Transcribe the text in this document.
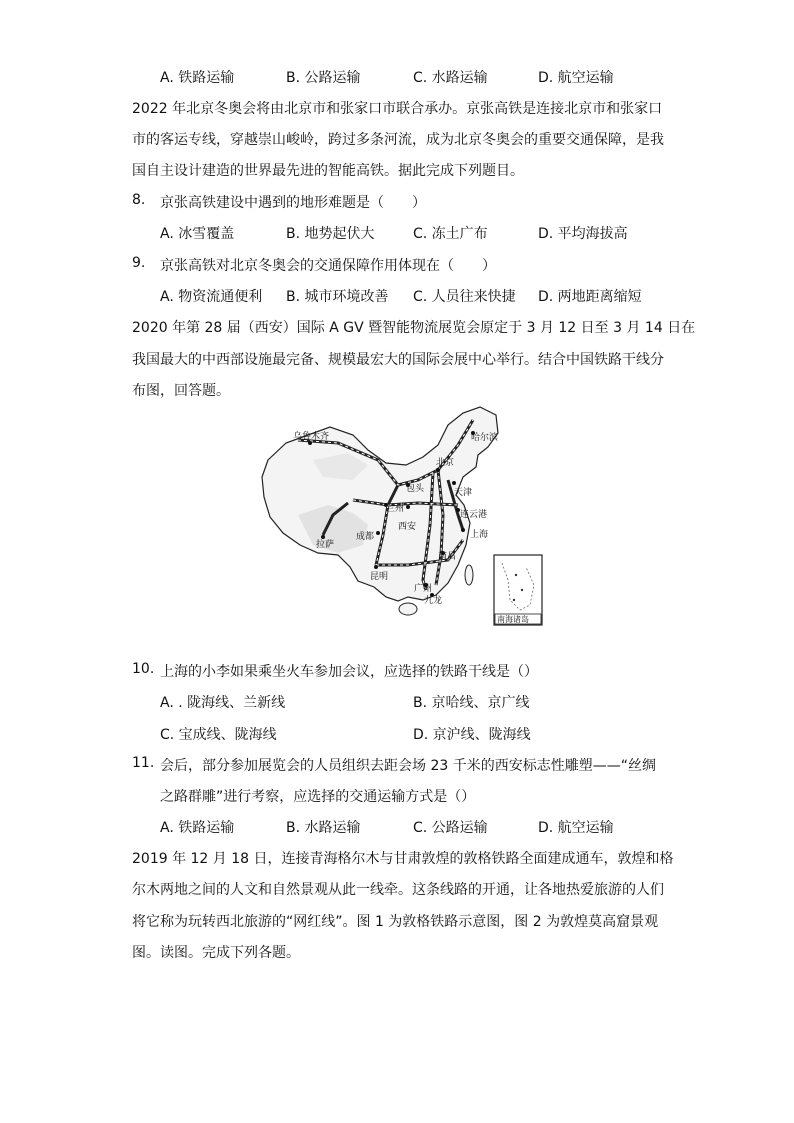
A. 铁路运输	B. 公路运输	C. 水路运输	D. 航空运输
2022 年北京冬奥会将由北京市和张家口市联合承办。京张高铁是连接北京市和张家口
市的客运专线，穿越崇山峻岭，跨过多条河流，成为北京冬奥会的重要交通保障，是我
国自主设计建造的世界最先进的智能高铁。据此完成下列题目。
8. 京张高铁建设中遇到的地形难题是（　　）
A. 冰雪覆盖	B. 地势起伏大	C. 冻土广布	D. 平均海拔高
9. 京张高铁对北京冬奥会的交通保障作用体现在（　　）
A. 物资流通便利 B. 城市环境改善 C. 人员往来快捷 D. 两地距离缩短
2020 年第 28 届（西安）国际 A GV 暨智能物流展览会原定于 3 月 12 日至 3 月 14 日在
我国最大的中西部设施最完备、规模最宏大的国际会展中心举行。结合中国铁路干线分
布图，回答题。
哈尔滨
乌鲁木齐
北京
天津
包头
兰州
连云港
西安
上海
拉萨
成都
南昌
昆明
广州
九龙
南海诸岛
10. 上海的小李如果乘坐火车参加会议，应选择的铁路干线是（）
A. . 陇海线、兰新线	B. 京哈线、京广线
C. 宝成线、陇海线	D. 京沪线、陇海线
11. 会后，部分参加展览会的人员组织去距会场 23 千米的西安标志性雕塑——“丝绸
之路群雕”进行考察，应选择的交通运输方式是（）
A. 铁路运输	B. 水路运输	C. 公路运输	D. 航空运输
2019 年 12 月 18 日，连接青海格尔木与甘肃敦煌的敦格铁路全面建成通车，敦煌和格
尔木两地之间的人文和自然景观从此一线牵。这条线路的开通，让各地热爱旅游的人们
将它称为玩转西北旅游的“网红线”。图 1 为敦格铁路示意图，图 2 为敦煌莫高窟景观
图。读图。完成下列各题。
